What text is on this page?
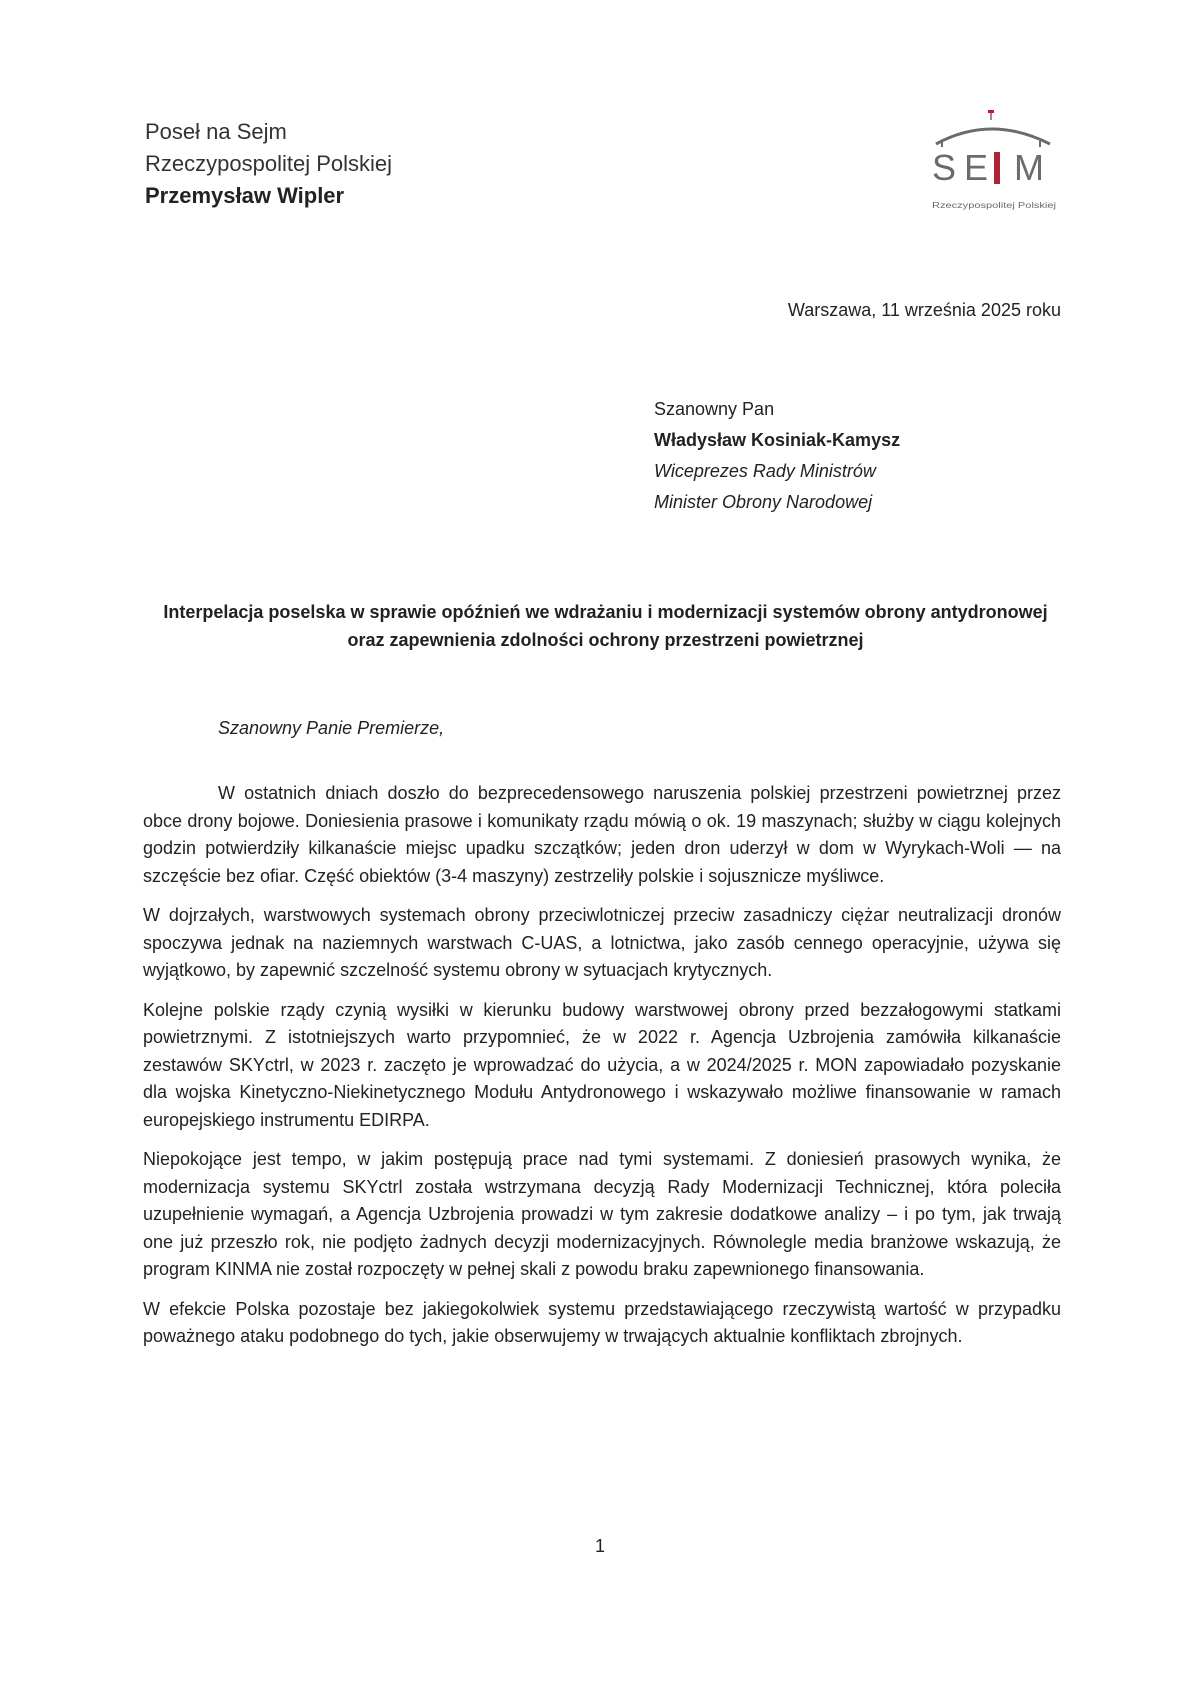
Poseł na Sejm
Rzeczypospolitej Polskiej
Przemysław Wipler
S E M
Rzeczypospolitej Polskiej
Warszawa, 11 września 2025 roku
Szanowny Pan
Władysław Kosiniak-Kamysz
Wiceprezes Rady Ministrów
Minister Obrony Narodowej
Interpelacja poselska w sprawie opóźnień we wdrażaniu i modernizacji systemów obrony antydronowej oraz zapewnienia zdolności ochrony przestrzeni powietrznej
Szanowny Panie Premierze,

W ostatnich dniach doszło do bezprecedensowego naruszenia polskiej przestrzeni powietrznej przez obce drony bojowe. Doniesienia prasowe i komunikaty rządu mówią o ok. 19 maszynach; służby w ciągu kolejnych godzin potwierdziły kilkanaście miejsc upadku szczątków; jeden dron uderzył w dom w Wyrykach-Woli — na szczęście bez ofiar. Część obiektów (3-4 maszyny) zestrzeliły polskie i sojusznicze myśliwce.

W dojrzałych, warstwowych systemach obrony przeciwlotniczej przeciw zasadniczy ciężar neutralizacji dronów spoczywa jednak na naziemnych warstwach C-UAS, a lotnictwa, jako zasób cennego operacyjnie, używa się wyjątkowo, by zapewnić szczelność systemu obrony w sytuacjach krytycznych.

Kolejne polskie rządy czynią wysiłki w kierunku budowy warstwowej obrony przed bezzałogowymi statkami powietrznymi. Z istotniejszych warto przypomnieć, że w 2022 r. Agencja Uzbrojenia zamówiła kilkanaście zestawów SKYctrl, w 2023 r. zaczęto je wprowadzać do użycia, a w 2024/2025 r. MON zapowiadało pozyskanie dla wojska Kinetyczno-Niekinetycznego Modułu Antydronowego i wskazywało możliwe finansowanie w ramach europejskiego instrumentu EDIRPA.

Niepokojące jest tempo, w jakim postępują prace nad tymi systemami. Z doniesień prasowych wynika, że modernizacja systemu SKYctrl została wstrzymana decyzją Rady Modernizacji Technicznej, która poleciła uzupełnienie wymagań, a Agencja Uzbrojenia prowadzi w tym zakresie dodatkowe analizy – i po tym, jak trwają one już przeszło rok, nie podjęto żadnych decyzji modernizacyjnych. Równolegle media branżowe wskazują, że program KINMA nie został rozpoczęty w pełnej skali z powodu braku zapewnionego finansowania.

W efekcie Polska pozostaje bez jakiegokolwiek systemu przedstawiającego rzeczywistą wartość w przypadku poważnego ataku podobnego do tych, jakie obserwujemy w trwających aktualnie konfliktach zbrojnych.

1
